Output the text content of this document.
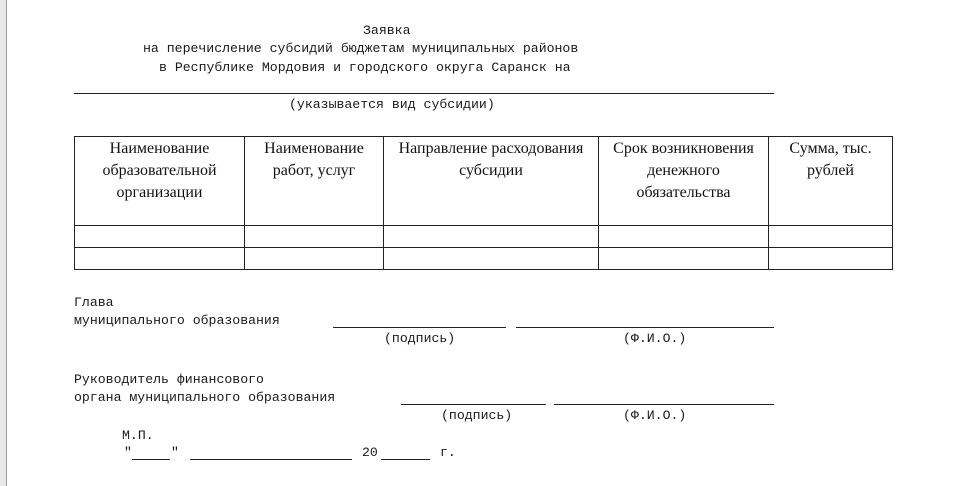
Заявка
на перечисление субсидий бюджетам муниципальных районов
в Республике Мордовия и городского округа Саранск на
(указывается вид субсидии)
Наименование образовательной организации	Наименование работ, услуг	Направление расходования субсидии	Срок возникновения денежного обязательства	Сумма, тыс. рублей

Глава
муниципального образования
(подпись)	(Ф.И.О.)
Руководитель финансового
органа муниципального образования
(подпись)	(Ф.И.О.)
М.П.
"	"	20	г.
